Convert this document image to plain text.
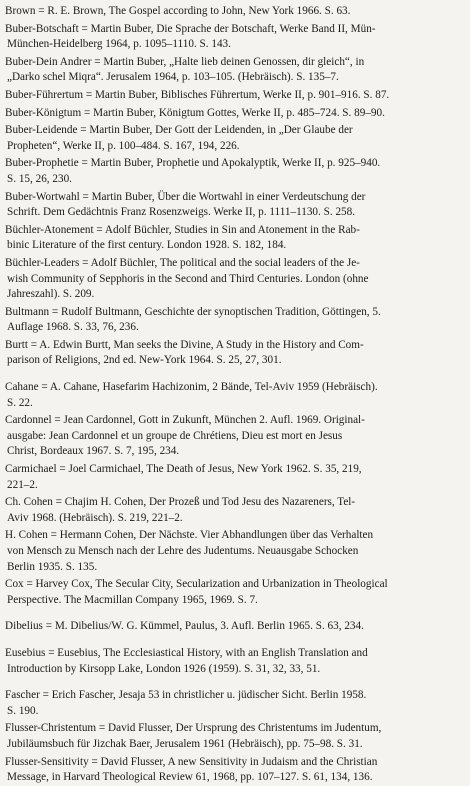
Brown = R. E. Brown, The Gospel according to John, New York 1966. S. 63.
Buber-Botschaft = Martin Buber, Die Sprache der Botschaft, Werke Band II, Mün-
München-Heidelberg 1964, p. 1095–1110. S. 143.
Buber-Dein Andrer = Martin Buber, „Halte lieb deinen Genossen, dir gleich“, in
„Darko schel Miqra“. Jerusalem 1964, p. 103–105. (Hebräisch). S. 135–7.
Buber-Führertum = Martin Buber, Biblisches Führertum, Werke II, p. 901–916. S. 87.
Buber-Königtum = Martin Buber, Königtum Gottes, Werke II, p. 485–724. S. 89–90.
Buber-Leidende = Martin Buber, Der Gott der Leidenden, in „Der Glaube der
Propheten“, Werke II, p. 100–484. S. 167, 194, 226.
Buber-Prophetie = Martin Buber, Prophetie und Apokalyptik, Werke II, p. 925–940.
S. 15, 26, 230.
Buber-Wortwahl = Martin Buber, Über die Wortwahl in einer Verdeutschung der
Schrift. Dem Gedächtnis Franz Rosenzweigs. Werke II, p. 1111–1130. S. 258.
Büchler-Atonement = Adolf Büchler, Studies in Sin and Atonement in the Rab-
binic Literature of the first century. London 1928. S. 182, 184.
Büchler-Leaders = Adolf Büchler, The political and the social leaders of the Je-
wish Community of Sepphoris in the Second and Third Centuries. London (ohne
Jahreszahl). S. 209.
Bultmann = Rudolf Bultmann, Geschichte der synoptischen Tradition, Göttingen, 5.
Auflage 1968. S. 33, 76, 236.
Burtt = A. Edwin Burtt, Man seeks the Divine, A Study in the History and Com-
parison of Religions, 2nd ed. New-York 1964. S. 25, 27, 301.
Cahane = A. Cahane, Hasefarim Hachizonim, 2 Bände, Tel-Aviv 1959 (Hebräisch).
S. 22.
Cardonnel = Jean Cardonnel, Gott in Zukunft, München 2. Aufl. 1969. Original-
ausgabe: Jean Cardonnel et un groupe de Chrétiens, Dieu est mort en Jesus
Christ, Bordeaux 1967. S. 7, 195, 234.
Carmichael = Joel Carmichael, The Death of Jesus, New York 1962. S. 35, 219,
221–2.
Ch. Cohen = Chajim H. Cohen, Der Prozeß und Tod Jesu des Nazareners, Tel-
Aviv 1968. (Hebräisch). S. 219, 221–2.
H. Cohen = Hermann Cohen, Der Nächste. Vier Abhandlungen über das Verhalten
von Mensch zu Mensch nach der Lehre des Judentums. Neuausgabe Schocken
Berlin 1935. S. 135.
Cox = Harvey Cox, The Secular City, Secularization and Urbanization in Theological
Perspective. The Macmillan Company 1965, 1969. S. 7.
Dibelius = M. Dibelius/W. G. Kümmel, Paulus, 3. Aufl. Berlin 1965. S. 63, 234.
Eusebius = Eusebius, The Ecclesiastical History, with an English Translation and
Introduction by Kirsopp Lake, London 1926 (1959). S. 31, 32, 33, 51.
Fascher = Erich Fascher, Jesaja 53 in christlicher u. jüdischer Sicht. Berlin 1958.
S. 190.
Flusser-Christentum = David Flusser, Der Ursprung des Christentums im Judentum,
Jubiläumsbuch für Jizchak Baer, Jerusalem 1961 (Hebräisch), pp. 75–98. S. 31.
Flusser-Sensitivity = David Flusser, A new Sensitivity in Judaism and the Christian
Message, in Harvard Theological Review 61, 1968, pp. 107–127. S. 61, 134, 136.
